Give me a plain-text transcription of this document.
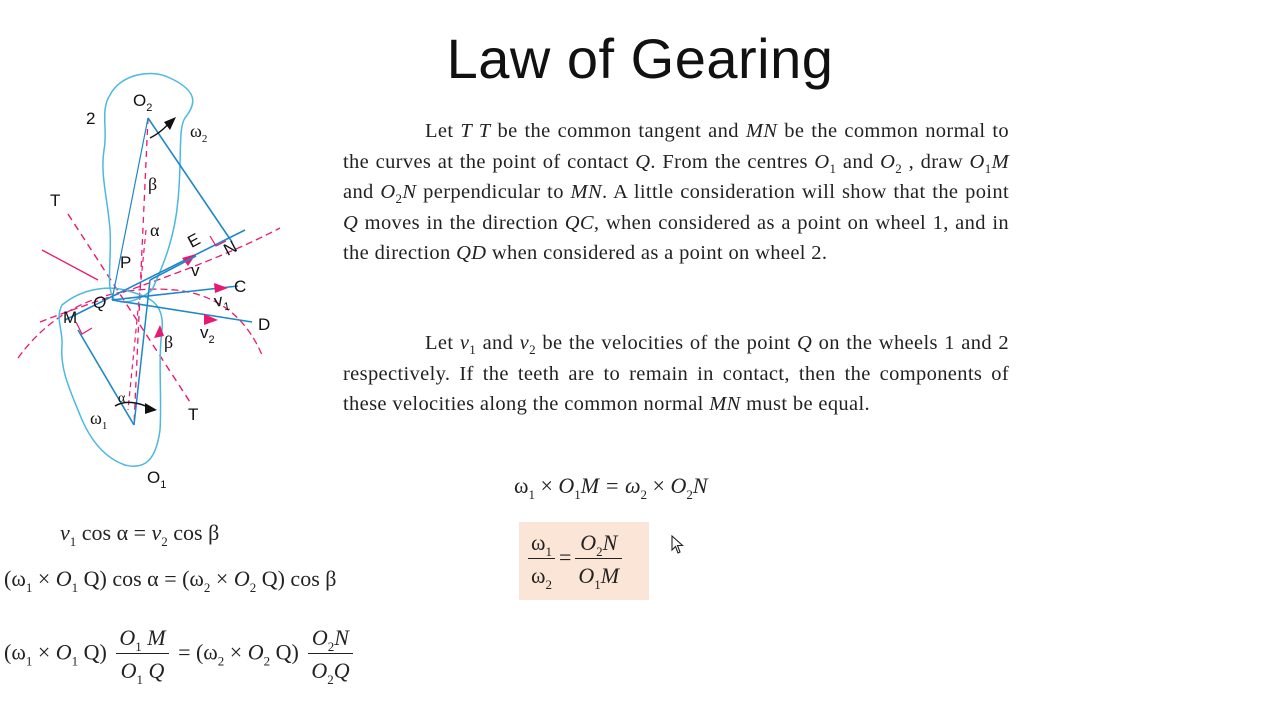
Law of Gearing
2
$O_2$
$\omega_2$
β
T
α
P
E N
v
Q
M
C
$v_1$
D
$v_2$
β
α
$\omega_1$
T
$O_1$
Let T T be the common tangent and MN be the common normal to the curves at the point of contact Q. From the centres $O_1$ and $O_2$ , draw $O_1M$ and $O_2N$ perpendicular to MN. A little consideration will show that the point Q moves in the direction QC, when considered as a point on wheel 1, and in the direction QD when considered as a point on wheel 2.
Let $v_1$ and $v_2$ be the velocities of the point Q on the wheels 1 and 2 respectively. If the teeth are to remain in contact, then the components of these velocities along the common normal MN must be equal.
$\omega_1 \times O_1M = \omega_2 \times O_2N$
$\frac{\omega_1}{\omega_2} = \frac{O_2N}{O_1M}$
$v_1$ $\cos \alpha = v_2$ cos β
($\omega_1 \times O_1$ Q) $\cos \alpha = (\omega_2 \times O_2$ Q) cos β
($\omega_1 \times O_1$ $Q) \frac{O_1 M}{O_1 Q} = (\omega_2 \times O_2$ $Q) \frac{O_2N}{O_2Q}$
